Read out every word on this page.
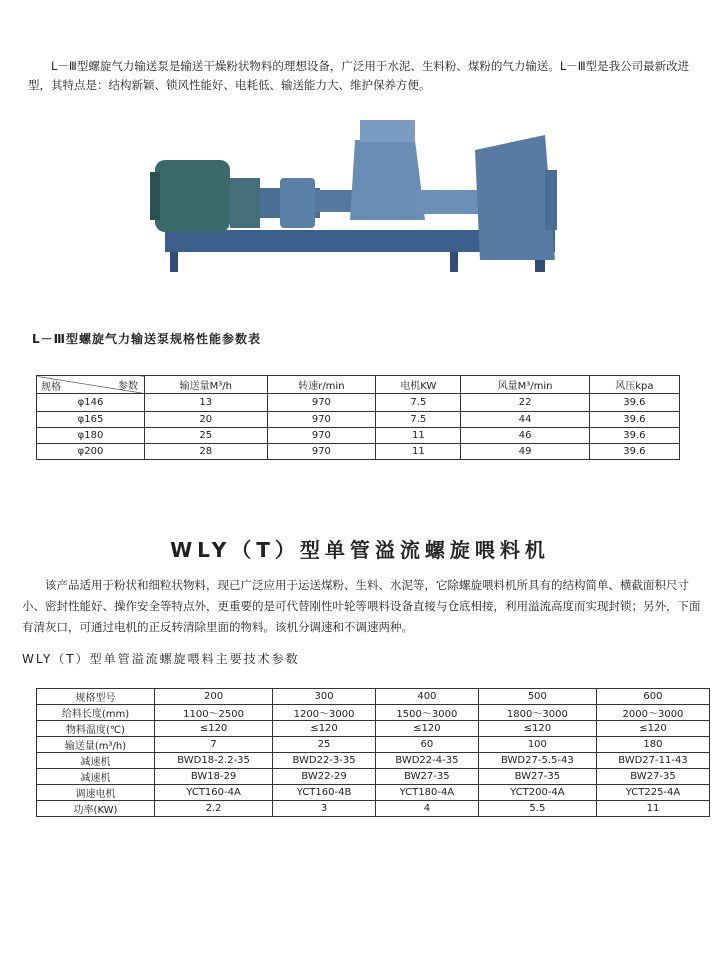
L－Ⅲ型螺旋气力输送泵是输送干燥粉状物料的理想设备，广泛用于水泥、生料粉、煤粉的气力输送。L－Ⅲ型是我公司最新改进型，其特点是：结构新颖、锁风性能好、电耗低、输送能力大、维护保养方便。

L－Ⅲ型螺旋气力输送泵规格性能参数表
参数
规格	输送量M³/h	转速r/min	电机KW	风量M³/min	风压kpa
φ146	13	970	7.5	22	39.6
φ165	20	970	7.5	44	39.6
φ180	25	970	11	46	39.6
φ200	28	970	11	49	39.6
WLY（T）型单管溢流螺旋喂料机

该产品适用于粉状和细粒状物料，现已广泛应用于运送煤粉、生料、水泥等，它除螺旋喂料机所具有的结构简单、横截面积尺寸小、密封性能好、操作安全等特点外，更重要的是可代替刚性叶轮等喂料设备直接与仓底相接，利用溢流高度而实现封锁；另外，下面有清灰口，可通过电机的正反转清除里面的物料。该机分调速和不调速两种。

WLY（T）型单管溢流螺旋喂料主要技术参数
规格型号	200	300	400	500	600
给料长度(mm)	1100～2500	1200～3000	1500～3000	1800～3000	2000～3000
物料温度(℃)	≤120	≤120	≤120	≤120	≤120
输送量(m³/h)	7	25	60	100	180
减速机	BWD18-2.2-35	BWD22-3-35	BWD22-4-35	BWD27-5.5-43	BWD27-11-43
减速机	BW18-29	BW22-29	BW27-35	BW27-35	BW27-35
调速电机	YCT160-4A	YCT160-4B	YCT180-4A	YCT200-4A	YCT225-4A
功率(KW)	2.2	3	4	5.5	11
